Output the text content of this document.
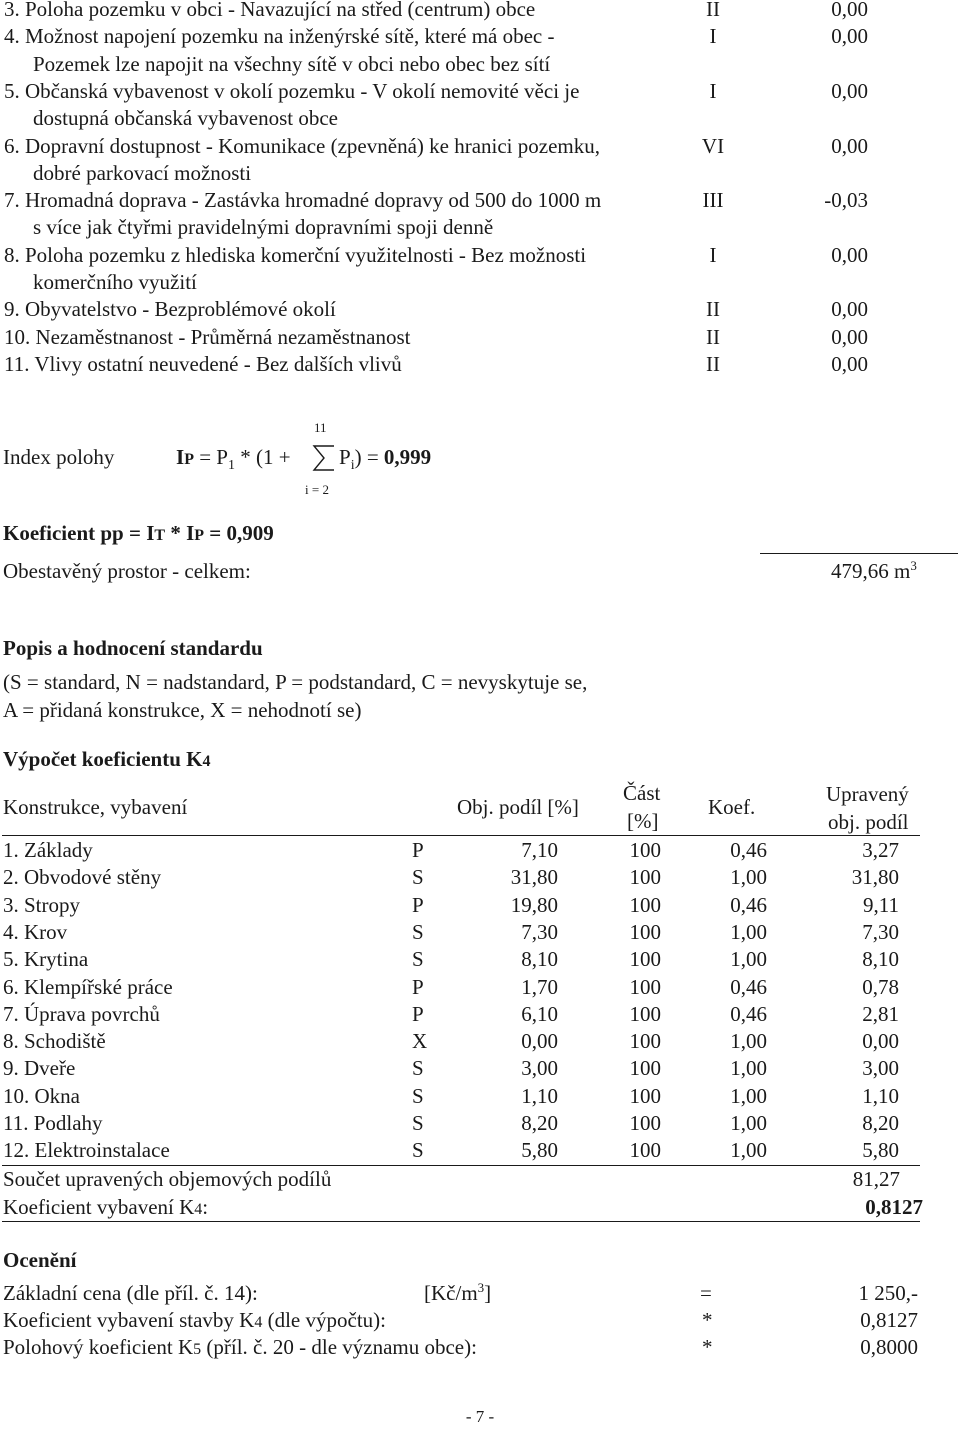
3. Poloha pozemku v obci - Navazující na střed (centrum) obce	II	0,00
4. Možnost napojení pozemku na inženýrské sítě, které má obec -	I	0,00
Pozemek lze napojit na všechny sítě v obci nebo obec bez sítí
5. Občanská vybavenost v okolí pozemku - V okolí nemovité věci je	I	0,00
dostupná občanská vybavenost obce
6. Dopravní dostupnost - Komunikace (zpevněná) ke hranici pozemku,	VI	0,00
dobré parkovací možnosti
7. Hromadná doprava - Zastávka hromadné dopravy od 500 do 1000 m	III	-0,03
s více jak čtyřmi pravidelnými dopravními spoji denně
8. Poloha pozemku z hlediska komerční využitelnosti - Bez možnosti	I	0,00
komerčního využití
9. Obyvatelstvo - Bezproblémové okolí	II	0,00
10. Nezaměstnanost - Průměrná nezaměstnanost	II	0,00
11. Vlivy ostatní neuvedené - Bez dalších vlivů	II	0,00
Index polohy
11
i = 2
IP = $P_1 * (1 + P_i) = 0,999$
Koeficient pp = IT * IP = 0,909
Obestavěný prostor - celkem:	479,66 $m^3$
Popis a hodnocení standardu
(S = standard, N = nadstandard, P = podstandard, C = nevyskytuje se,
A = přidaná konstrukce, X = nehodnotí se)
Výpočet koeficientu K4
Konstrukce, vybavení	Obj. podíl [%]
Část
[%]
Koef.
Upravený
obj. podíl
1. Základy	P	7,10	100	0,46	3,27
2. Obvodové stěny	S	31,80	100	1,00	31,80
3. Stropy	P	19,80	100	0,46	9,11
4. Krov	S	7,30	100	1,00	7,30
5. Krytina	S	8,10	100	1,00	8,10
6. Klempířské práce	P	1,70	100	0,46	0,78
7. Úprava povrchů	P	6,10	100	0,46	2,81
8. Schodiště	X	0,00	100	1,00	0,00
9. Dveře	S	3,00	100	1,00	3,00
10. Okna	S	1,10	100	1,00	1,10
11. Podlahy	S	8,20	100	1,00	8,20
12. Elektroinstalace	S	5,80	100	1,00	5,80
Součet upravených objemových podílů	81,27
Koeficient vybavení K4:	0,8127
Ocenění
Základní cena (dle příl. č. 14):	$[Kč/m^3]$	=	1 250,-
Koeficient vybavení stavby K4 (dle výpočtu):	*	0,8127
Polohový koeficient K5 (příl. č. 20 - dle významu obce):	*	0,8000
- 7 -
